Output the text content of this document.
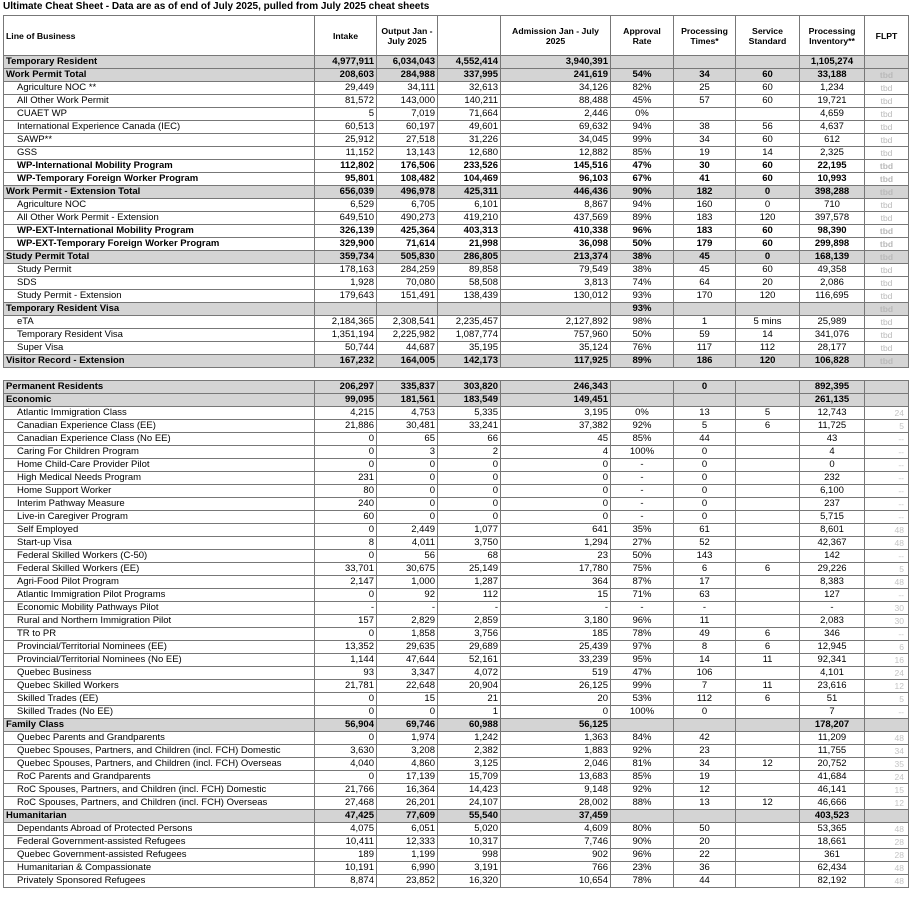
Ultimate Cheat Sheet - Data are as of end of July 2025, pulled from July 2025 cheat sheets
Line of Business	Intake	Output Jan - July 2025		Admission Jan - July 2025	Approval Rate	Processing Times*	Service Standard	Processing Inventory**	FLPT
Temporary Resident	4,977,911	6,034,043	4,552,414	3,940,391				1,105,274	
Work Permit Total	208,603	284,988	337,995	241,619	54%	34	60	33,188	tbd
Agriculture NOC **	29,449	34,111	32,613	34,126	82%	25	60	1,234	tbd
All Other Work Permit	81,572	143,000	140,211	88,488	45%	57	60	19,721	tbd
CUAET WP	5	7,019	71,664	2,446	0%			4,659	tbd
International Experience Canada (IEC)	60,513	60,197	49,601	69,632	94%	38	56	4,637	tbd
SAWP**	25,912	27,518	31,226	34,045	99%	34	60	612	tbd
GSS	11,152	13,143	12,680	12,882	85%	19	14	2,325	tbd
WP-International Mobility Program	112,802	176,506	233,526	145,516	47%	30	60	22,195	tbd
WP-Temporary Foreign Worker Program	95,801	108,482	104,469	96,103	67%	41	60	10,993	tbd
Work Permit - Extension Total	656,039	496,978	425,311	446,436	90%	182	0	398,288	tbd
Agriculture NOC	6,529	6,705	6,101	8,867	94%	160	0	710	tbd
All Other Work Permit - Extension	649,510	490,273	419,210	437,569	89%	183	120	397,578	tbd
WP-EXT-International Mobility Program	326,139	425,364	403,313	410,338	96%	183	60	98,390	tbd
WP-EXT-Temporary Foreign Worker Program	329,900	71,614	21,998	36,098	50%	179	60	299,898	tbd
Study Permit Total	359,734	505,830	286,805	213,374	38%	45	0	168,139	tbd
Study Permit	178,163	284,259	89,858	79,549	38%	45	60	49,358	tbd
SDS	1,928	70,080	58,508	3,813	74%	64	20	2,086	tbd
Study Permit - Extension	179,643	151,491	138,439	130,012	93%	170	120	116,695	tbd
Temporary Resident Visa					93%				tbd
eTA	2,184,365	2,308,541	2,235,457	2,127,892	98%	1	5 mins	25,989	tbd
Temporary Resident Visa	1,351,194	2,225,982	1,087,774	757,960	50%	59	14	341,076	tbd
Super Visa	50,744	44,687	35,195	35,124	76%	117	112	28,177	tbd
Visitor Record - Extension	167,232	164,005	142,173	117,925	89%	186	120	106,828	tbd

Permanent Residents	206,297	335,837	303,820	246,343		0		892,395	
Economic	99,095	181,561	183,549	149,451				261,135	
Atlantic Immigration Class	4,215	4,753	5,335	3,195	0%	13	5	12,743	24
Canadian Experience Class (EE)	21,886	30,481	33,241	37,382	92%	5	6	11,725	5
Canadian Experience Class (No EE)	0	65	66	45	85%	44		43	--
Caring For Children Program	0	3	2	4	100%	0		4	--
Home Child-Care Provider Pilot	0	0	0	0	-	0		0	--
High Medical Needs Program	231	0	0	0	-	0		232	--
Home Support Worker	80	0	0	0	-	0		6,100	--
Interim Pathway Measure	240	0	0	0	-	0		237	--
Live-in Caregiver Program	60	0	0	0	-	0		5,715	--
Self Employed	0	2,449	1,077	641	35%	61		8,601	48
Start-up Visa	8	4,011	3,750	1,294	27%	52		42,367	48
Federal Skilled Workers (C-50)	0	56	68	23	50%	143		142	--
Federal Skilled Workers (EE)	33,701	30,675	25,149	17,780	75%	6	6	29,226	5
Agri-Food Pilot Program	2,147	1,000	1,287	364	87%	17		8,383	48
Atlantic Immigration Pilot Programs	0	92	112	15	71%	63		127	--
Economic Mobility Pathways Pilot	-	-	-	-	-	-		-	30
Rural and Northern Immigration Pilot	157	2,829	2,859	3,180	96%	11		2,083	30
TR to PR	0	1,858	3,756	185	78%	49	6	346	--
Provincial/Territorial Nominees (EE)	13,352	29,635	29,689	25,439	97%	8	6	12,945	6
Provincial/Territorial Nominees (No EE)	1,144	47,644	52,161	33,239	95%	14	11	92,341	16
Quebec Business	93	3,347	4,072	519	47%	106		4,101	24
Quebec Skilled Workers	21,781	22,648	20,904	26,125	99%	7	11	23,616	12
Skilled Trades (EE)	0	15	21	20	53%	112	6	51	5
Skilled Trades (No EE)	0	0	1	0	100%	0		7	--
Family Class	56,904	69,746	60,988	56,125				178,207	
Quebec Parents and Grandparents	0	1,974	1,242	1,363	84%	42		11,209	48
Quebec Spouses, Partners, and Children (incl. FCH) Domestic	3,630	3,208	2,382	1,883	92%	23		11,755	34
Quebec Spouses, Partners, and Children (incl. FCH) Overseas	4,040	4,860	3,125	2,046	81%	34	12	20,752	35
RoC Parents and Grandparents	0	17,139	15,709	13,683	85%	19		41,684	24
RoC Spouses, Partners, and Children (incl. FCH) Domestic	21,766	16,364	14,423	9,148	92%	12		46,141	15
RoC Spouses, Partners, and Children (incl. FCH) Overseas	27,468	26,201	24,107	28,002	88%	13	12	46,666	12
Humanitarian	47,425	77,609	55,540	37,459				403,523	
Dependants Abroad of Protected Persons	4,075	6,051	5,020	4,609	80%	50		53,365	48
Federal Government-assisted Refugees	10,411	12,333	10,317	7,746	90%	20		18,661	28
Quebec Government-assisted Refugees	189	1,199	998	902	96%	22		361	28
Humanitarian & Compassionate	10,191	6,990	3,191	766	23%	36		62,434	48
Privately Sponsored Refugees	8,874	23,852	16,320	10,654	78%	44		82,192	48
